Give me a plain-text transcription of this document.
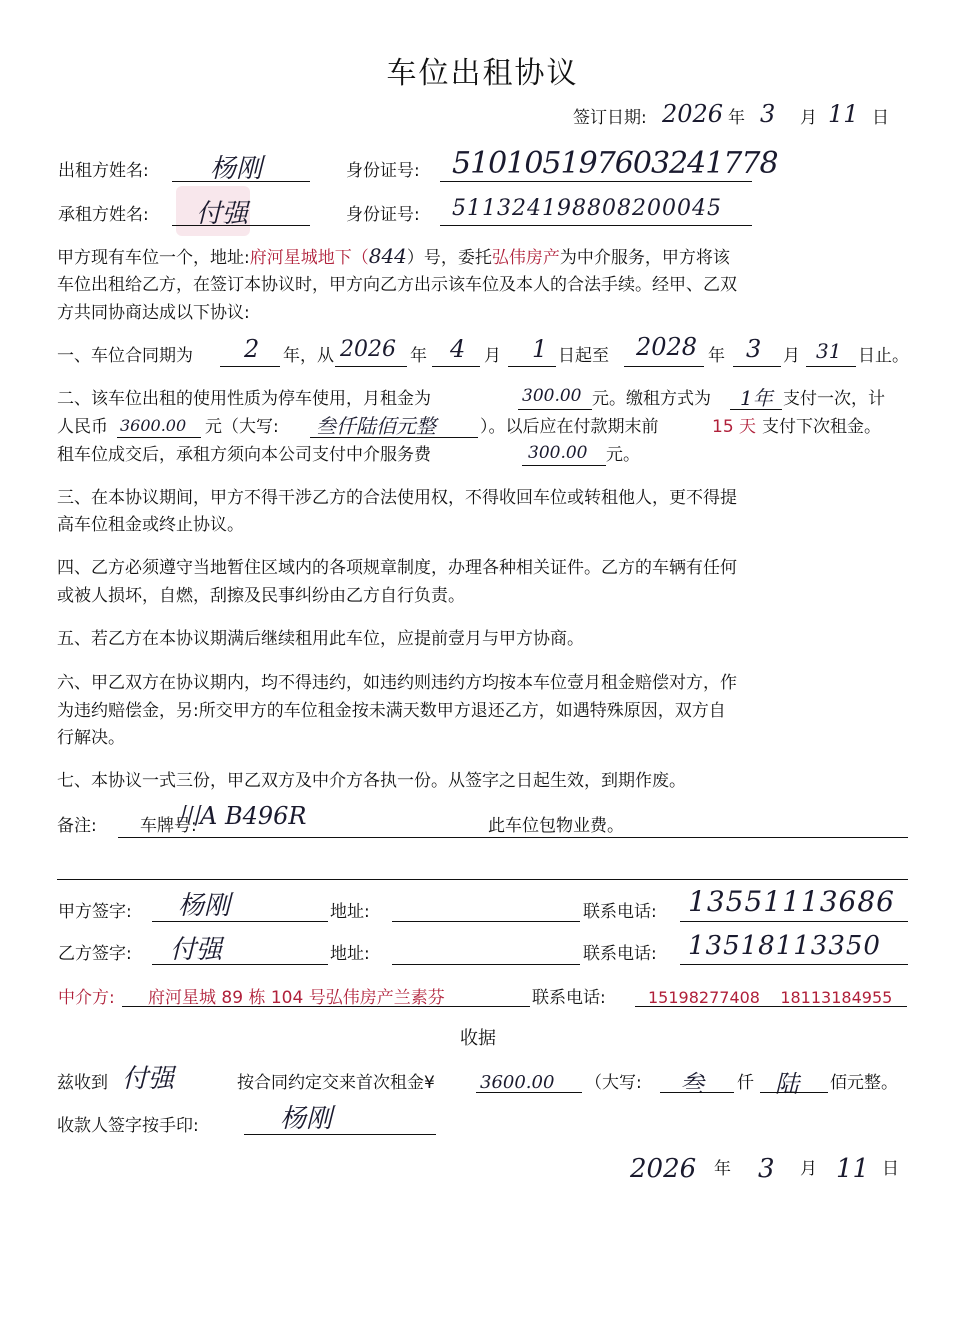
车位出租协议
签订日期: 2026 年 3 月 11 日
出租方姓名: 杨刚	身份证号: 510105197603241778
承租方姓名: 付强	身份证号: 511324198808200045
甲方现有车位一个，地址:府河星城地下（844）号，委托弘伟房产为中介服务，甲方将该
车位出租给乙方，在签订本协议时，甲方向乙方出示该车位及本人的合法手续。经甲、乙双
方共同协商达成以下协议:
一、车位合同期为 2 年，从 2026 年 4 月 1 日起至 2028 年 3 月 31 日止。
二、该车位出租的使用性质为停车使用，月租金为	300.00 元。缴租方式为 1年 支付一次，计
人民币 3600.00 元（大写: 叁仟陆佰元整	）。以后应在付款期末前	15 天 支付下次租金。
租车位成交后，承租方须向本公司支付中介服务费	300.00 元。
三、在本协议期间，甲方不得干涉乙方的合法使用权，不得收回车位或转租他人，更不得提
高车位租金或终止协议。
四、乙方必须遵守当地暂住区域内的各项规章制度，办理各种相关证件。乙方的车辆有任何
或被人损坏，自燃，刮擦及民事纠纷由乙方自行负责。
五、若乙方在本协议期满后继续租用此车位，应提前壹月与甲方协商。
六、甲乙双方在协议期内，均不得违约，如违约则违约方均按本车位壹月租金赔偿对方，作
为违约赔偿金，另:所交甲方的车位租金按未满天数甲方退还乙方，如遇特殊原因，双方自
行解决。
七、本协议一式三份，甲乙双方及中介方各执一份。从签字之日起生效，到期作废。
备注:	车牌号:
川A B496R	此车位包物业费。
甲方签字: 杨刚	地址:	联系电话: 13551113686
乙方签字: 付强	地址:	联系电话: 13518113350
中介方: 府河星城 89 栋 104 号弘伟房产兰素芬	联系电话:	15198277408    18113184955
收据
兹收到 付强	按合同约定交来首次租金¥	3600.00 （大写: 叁 仟 陆 佰元整。
收款人签字按手印:	杨刚
2026 年 3 月 11 日
